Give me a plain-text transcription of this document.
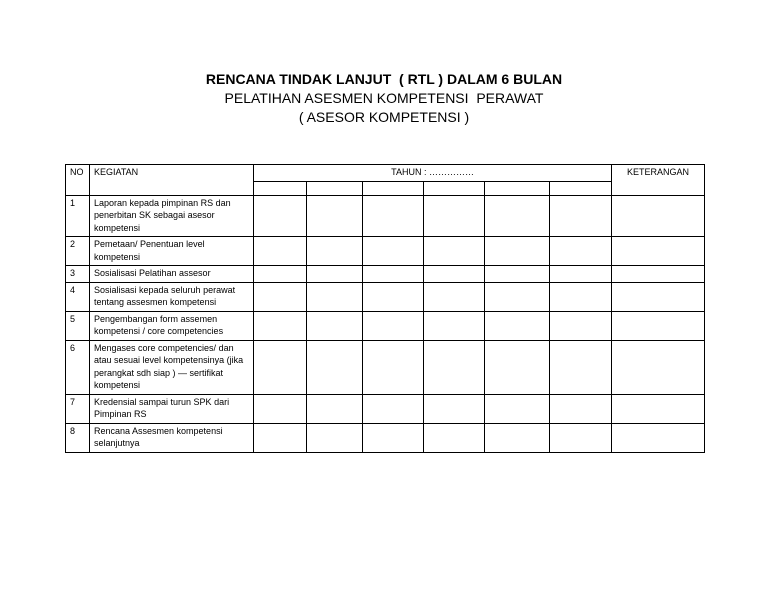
RENCANA TINDAK LANJUT  ( RTL ) DALAM 6 BULAN
PELATIHAN ASESMEN KOMPETENSI  PERAWAT
( ASESOR KOMPETENSI )
NO	KEGIATAN	TAHUN : ……………						KETERANGAN

1	Laporan kepada pimpinan RS dan penerbitan SK sebagai asesor kompetensi							
2	Pemetaan/ Penentuan level kompetensi							
3	Sosialisasi Pelatihan assesor							
4	Sosialisasi kepada seluruh perawat tentang assesmen kompetensi							
5	Pengembangan form assemen kompetensi / core competencies							
6	Mengases core competencies/ dan atau sesuai level kompetensinya (jika perangkat sdh siap ) — sertifikat kompetensi							
7	Kredensial sampai turun SPK dari Pimpinan RS							
8	Rencana Assesmen kompetensi selanjutnya							
